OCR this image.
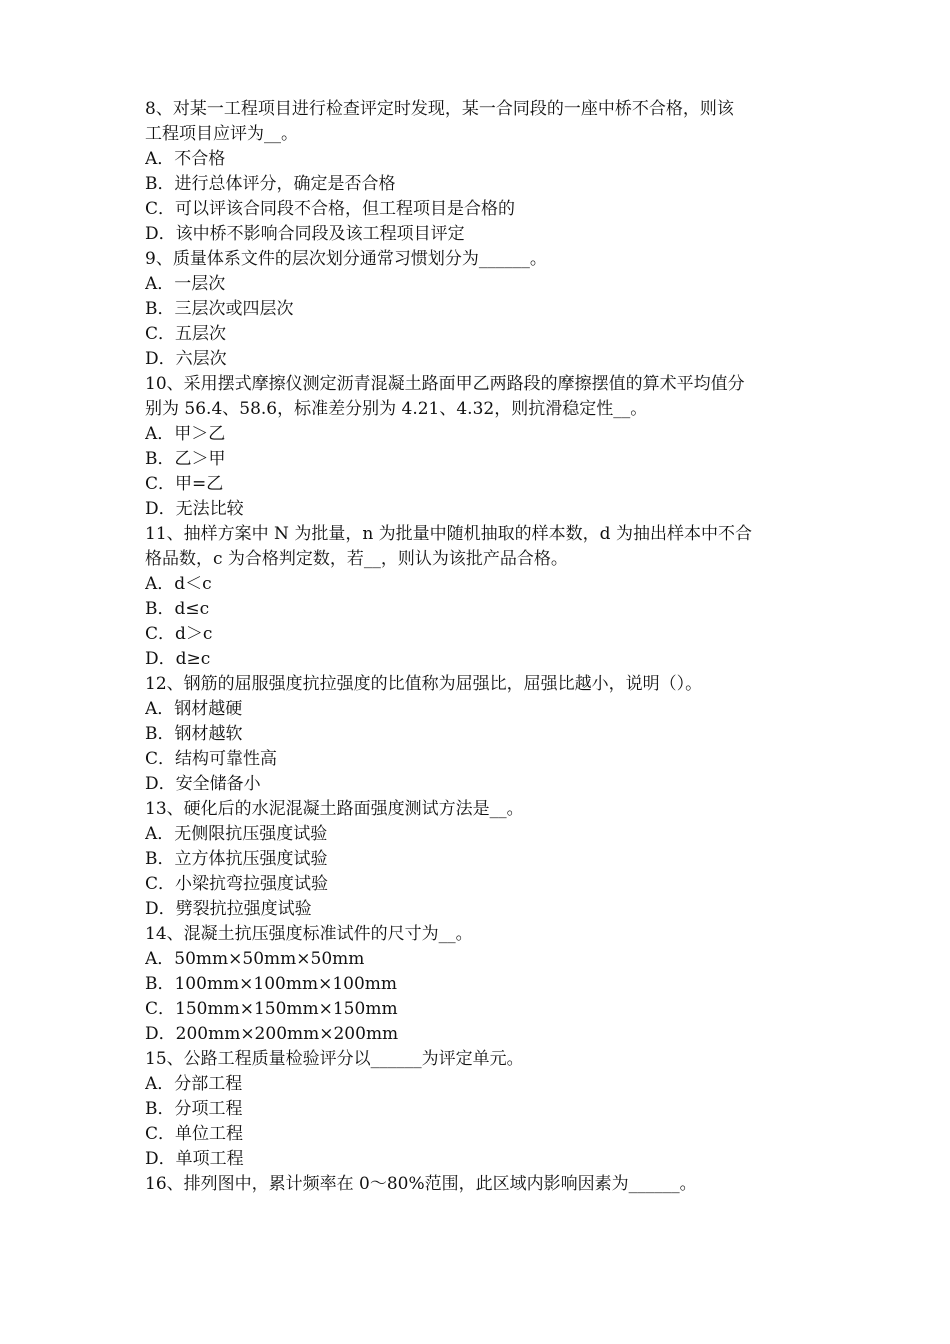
8、对某一工程项目进行检查评定时发现，某一合同段的一座中桥不合格，则该
工程项目应评为__。
A．不合格
B．进行总体评分，确定是否合格
C．可以评该合同段不合格，但工程项目是合格的
D．该中桥不影响合同段及该工程项目评定
9、质量体系文件的层次划分通常习惯划分为______。
A．一层次
B．三层次或四层次
C．五层次
D．六层次
10、采用摆式摩擦仪测定沥青混凝土路面甲乙两路段的摩擦摆值的算术平均值分
别为 56.4、58.6，标准差分别为 4.21、4.32，则抗滑稳定性__。
A．甲＞乙
B．乙＞甲
C．甲=乙
D．无法比较
11、抽样方案中 N 为批量，n 为批量中随机抽取的样本数，d 为抽出样本中不合
格品数，c 为合格判定数，若__，则认为该批产品合格。
A．d＜c
B．d≤c
C．d＞c
D．d≥c
12、钢筋的屈服强度抗拉强度的比值称为屈强比，屈强比越小，说明（）。
A．钢材越硬
B．钢材越软
C．结构可靠性高
D．安全储备小
13、硬化后的水泥混凝土路面强度测试方法是__。
A．无侧限抗压强度试验
B．立方体抗压强度试验
C．小梁抗弯拉强度试验
D．劈裂抗拉强度试验
14、混凝土抗压强度标准试件的尺寸为__。
A．50mm×50mm×50mm
B．100mm×100mm×100mm
C．150mm×150mm×150mm
D．200mm×200mm×200mm
15、公路工程质量检验评分以______为评定单元。
A．分部工程
B．分项工程
C．单位工程
D．单项工程
16、排列图中，累计频率在 0～80%范围，此区域内影响因素为______。
